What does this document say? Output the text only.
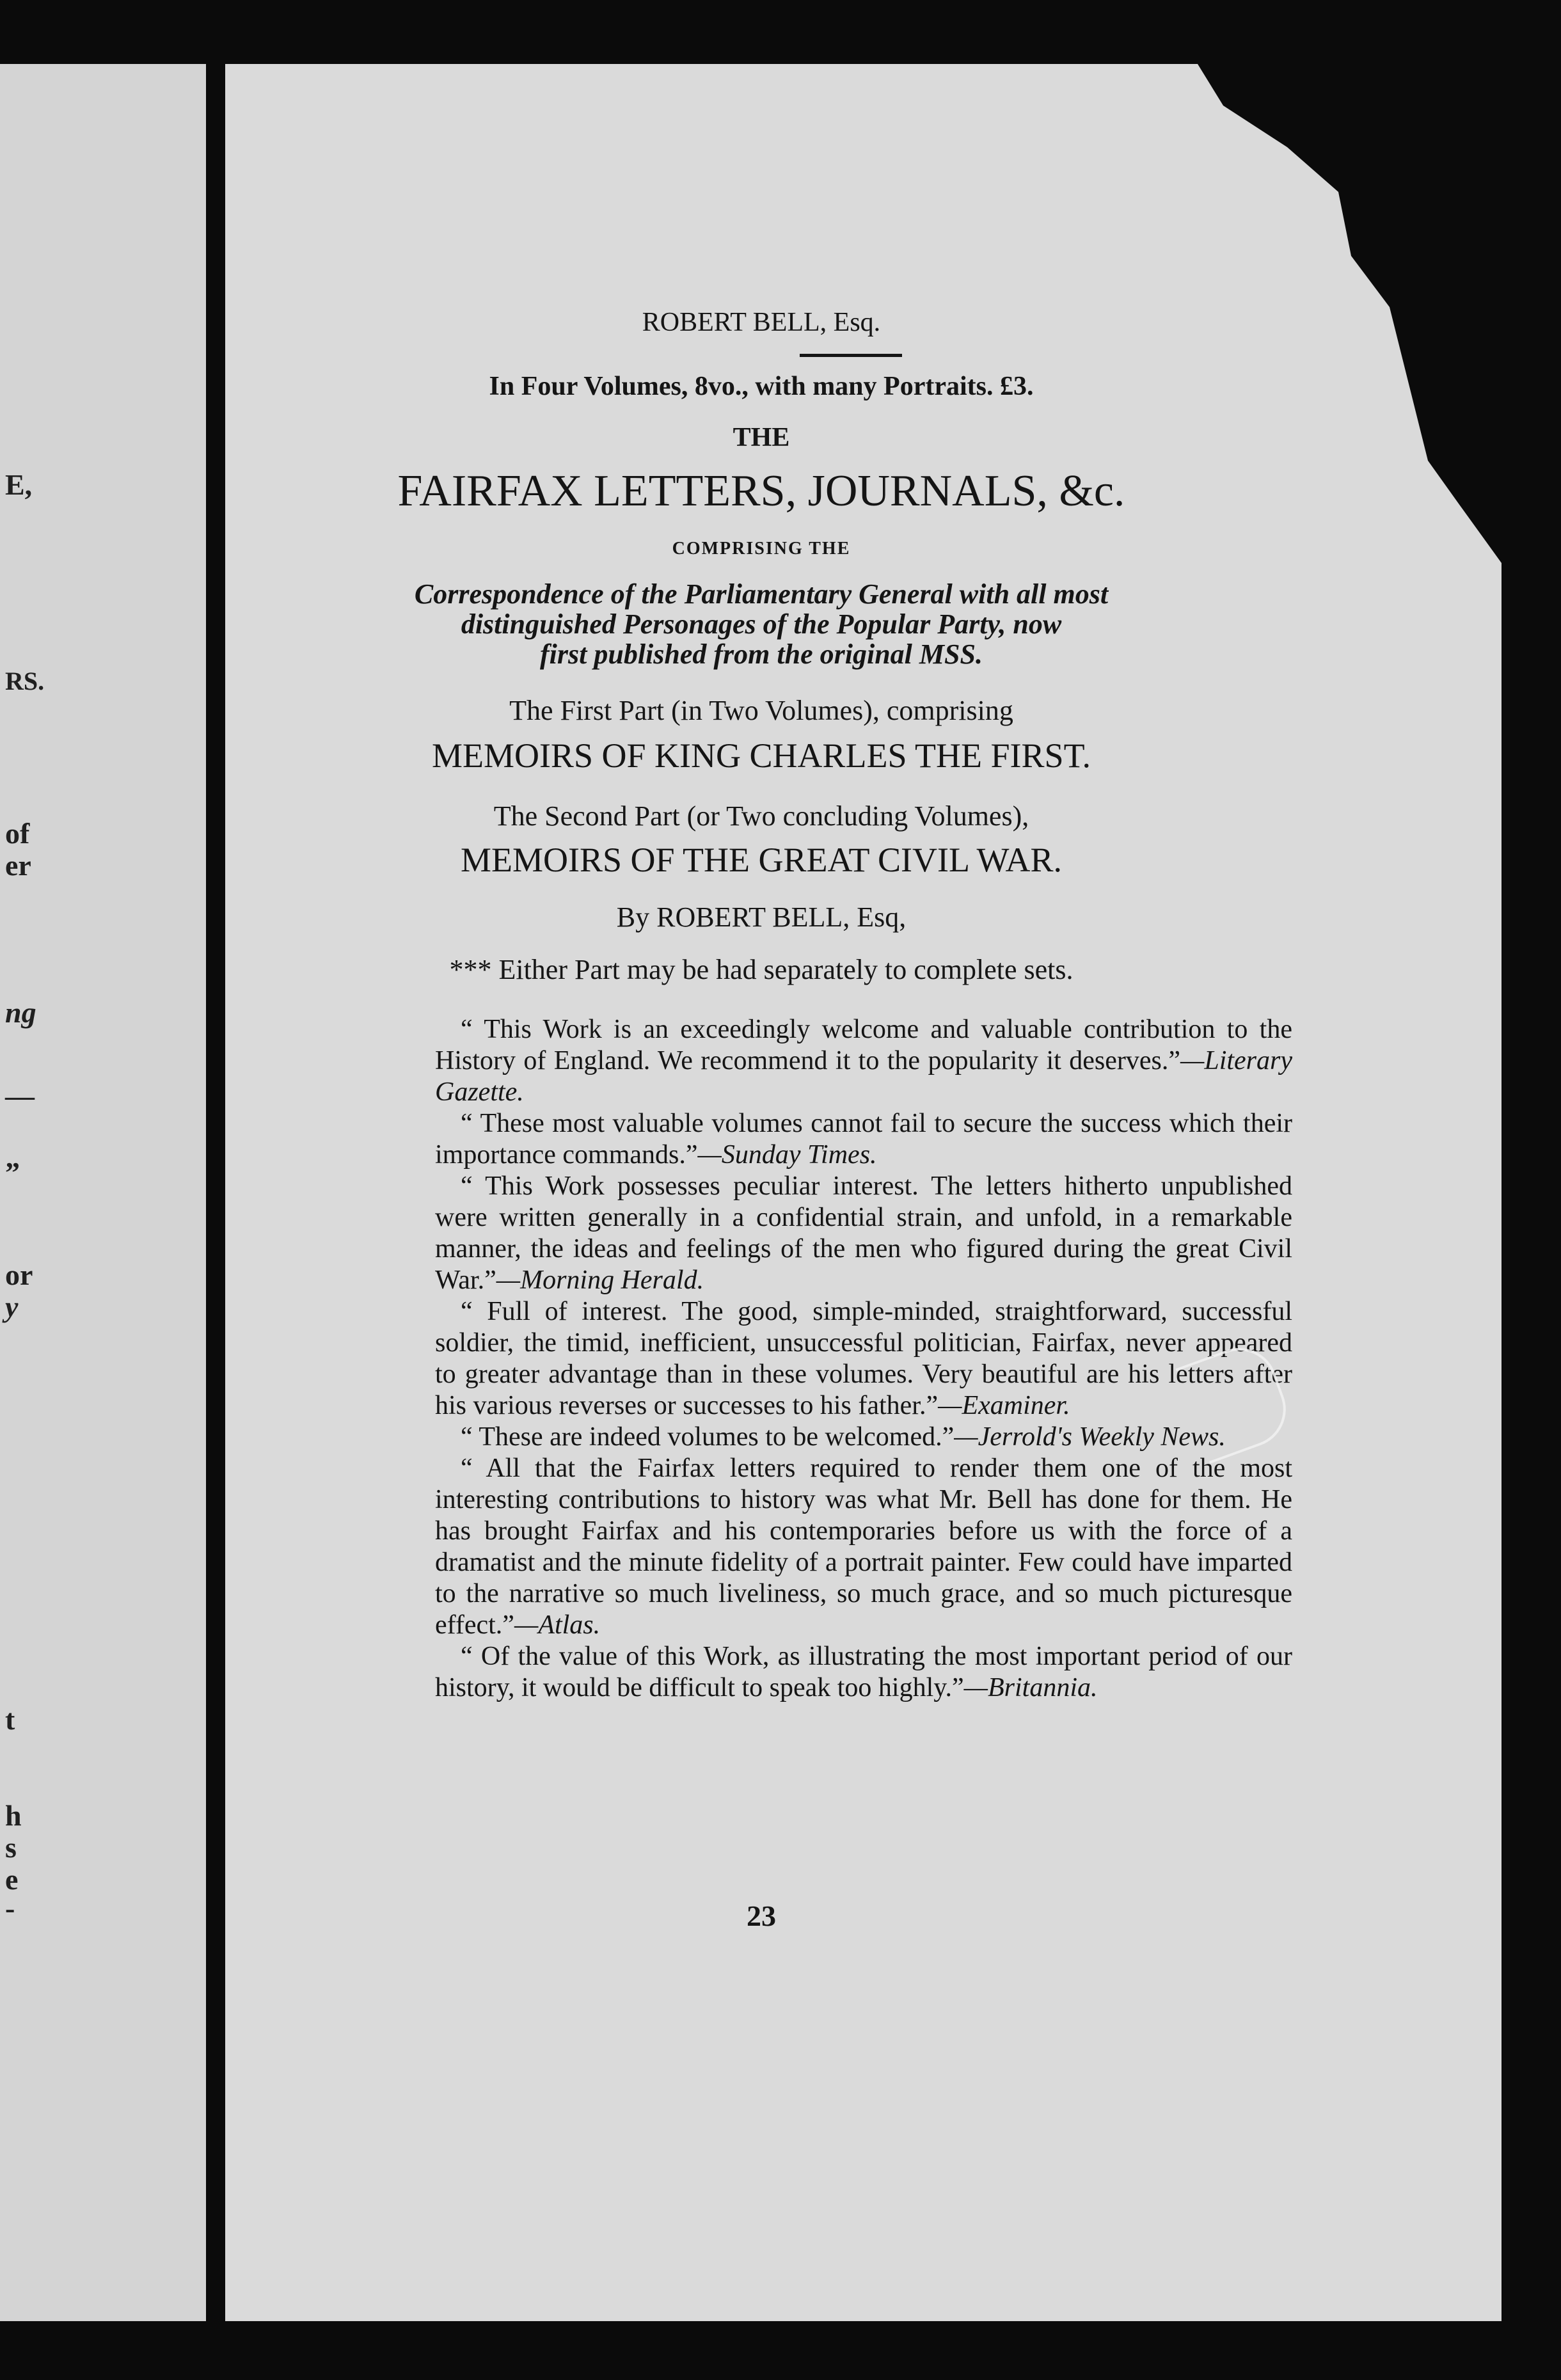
E,
RS.
of
er
ng
—
”
or
y
t
h
s
e
-
ROBERT BELL, Esq.
In Four Volumes, 8vo., with many Portraits. £3.
THE
FAIRFAX LETTERS, JOURNALS, &c.
COMPRISING THE
Correspondence of the Parliamentary General with all most
distinguished Personages of the Popular Party, now
first published from the original MSS.
The First Part (in Two Volumes), comprising
MEMOIRS OF KING CHARLES THE FIRST.
The Second Part (or Two concluding Volumes),
MEMOIRS OF THE GREAT CIVIL WAR.
By ROBERT BELL, Esq,
*** Either Part may be had separately to complete sets.

“ This Work is an exceedingly welcome and valuable contribution to the History of England. We recommend it to the popularity it deserves.”—Literary Gazette.

“ These most valuable volumes cannot fail to secure the success which their importance commands.”—Sunday Times.

“ This Work possesses peculiar interest. The letters hitherto unpublished were written generally in a confidential strain, and unfold, in a remarkable manner, the ideas and feelings of the men who figured during the great Civil War.”—Morning Herald.

“ Full of interest. The good, simple-minded, straightforward, successful soldier, the timid, inefficient, unsuccessful politician, Fairfax, never appeared to greater advantage than in these volumes. Very beautiful are his letters after his various reverses or successes to his father.”—Examiner.

“ These are indeed volumes to be welcomed.”—Jerrold's Weekly News.

“ All that the Fairfax letters required to render them one of the most interesting contributions to history was what Mr. Bell has done for them. He has brought Fairfax and his contemporaries before us with the force of a dramatist and the minute fidelity of a portrait painter. Few could have imparted to the narrative so much liveliness, so much grace, and so much picturesque effect.”—Atlas.

“ Of the value of this Work, as illustrating the most important period of our history, it would be difficult to speak too highly.”—Britannia.

23
